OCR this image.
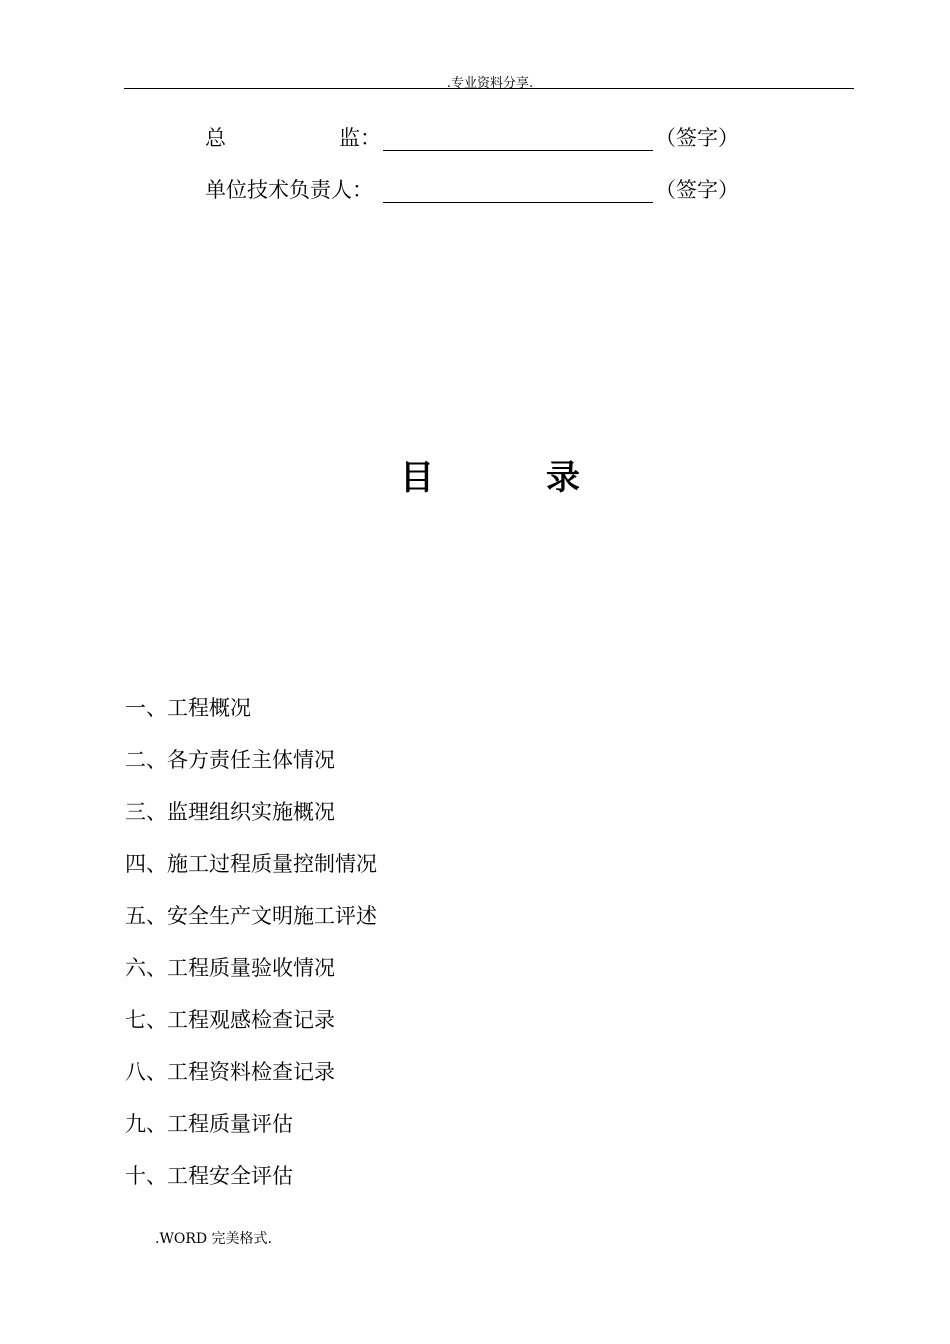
.专业资料分享.
总	监：	（签字）
单位技术负责人：	（签字）
目	录
一、工程概况
二、各方责任主体情况
三、监理组织实施概况
四、施工过程质量控制情况
五、安全生产文明施工评述
六、工程质量验收情况
七、工程观感检查记录
八、工程资料检查记录
九、工程质量评估
十、工程安全评估
.WORD 完美格式.
